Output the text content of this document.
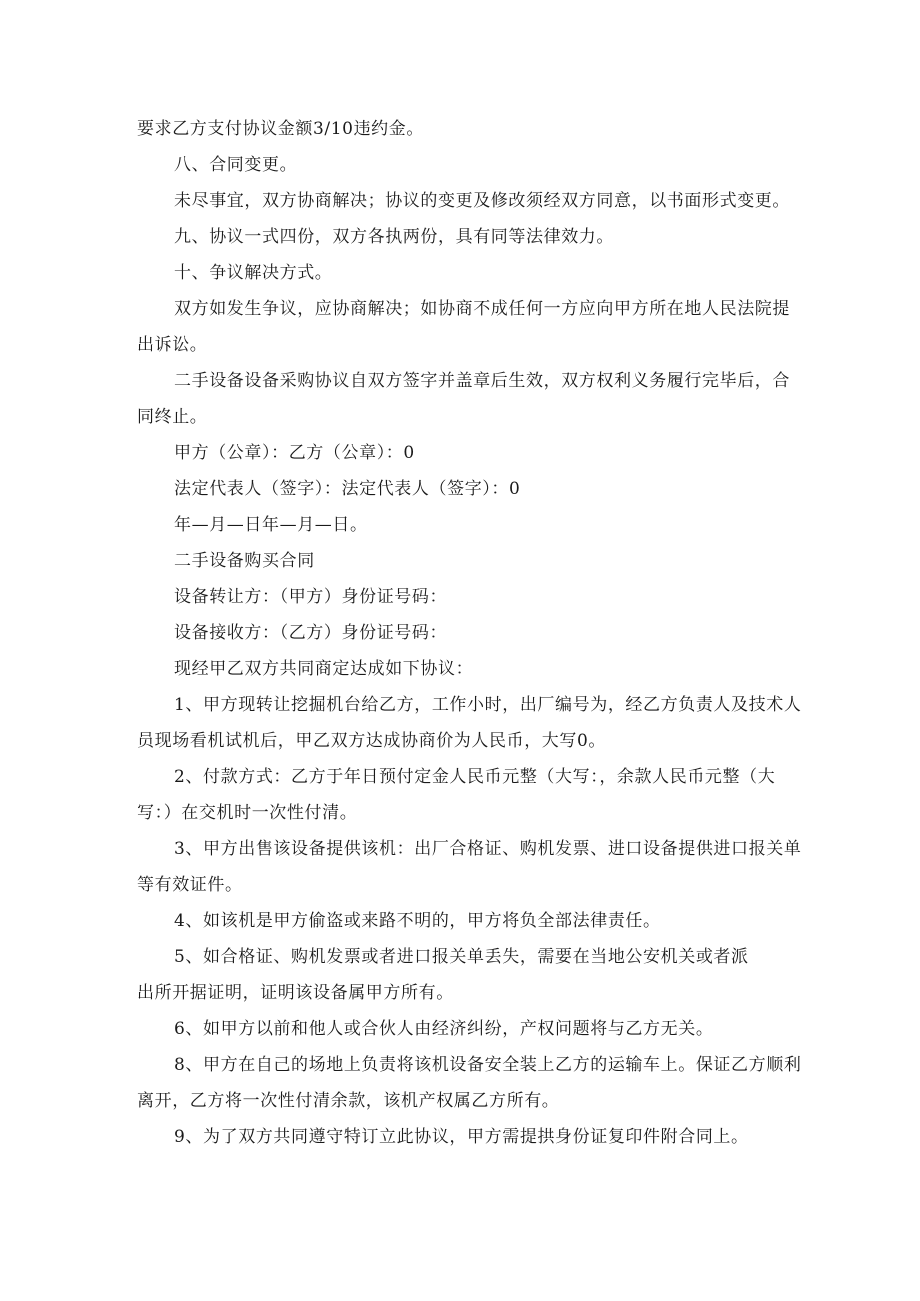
要求乙方支付协议金额3/10违约金。
八、合同变更。
未尽事宜，双方协商解决；协议的变更及修改须经双方同意，以书面形式变更。
九、协议一式四份，双方各执两份，具有同等法律效力。
十、争议解决方式。
双方如发生争议，应协商解决；如协商不成任何一方应向甲方所在地人民法院提
出诉讼。
二手设备设备采购协议自双方签字并盖章后生效，双方权利义务履行完毕后，合
同终止。
甲方（公章）：乙方（公章）：0
法定代表人（签字）：法定代表人（签字）：0
年—月—日年—月—日。
二手设备购买合同
设备转让方：（甲方）身份证号码：
设备接收方：（乙方）身份证号码：
现经甲乙双方共同商定达成如下协议：
1、甲方现转让挖掘机台给乙方，工作小时，出厂编号为，经乙方负责人及技术人
员现场看机试机后，甲乙双方达成协商价为人民币，大写0。
2、付款方式：乙方于年日预付定金人民币元整（大写：，余款人民币元整（大
写：）在交机时一次性付清。
3、甲方出售该设备提供该机：出厂合格证、购机发票、进口设备提供进口报关单
等有效证件。
4、如该机是甲方偷盗或来路不明的，甲方将负全部法律责任。
5、如合格证、购机发票或者进口报关单丢失，需要在当地公安机关或者派
出所开据证明，证明该设备属甲方所有。
6、如甲方以前和他人或合伙人由经济纠纷，产权问题将与乙方无关。
8、甲方在自己的场地上负责将该机设备安全装上乙方的运输车上。保证乙方顺利
离开，乙方将一次性付清余款，该机产权属乙方所有。
9、为了双方共同遵守特订立此协议，甲方需提拱身份证复印件附合同上。
